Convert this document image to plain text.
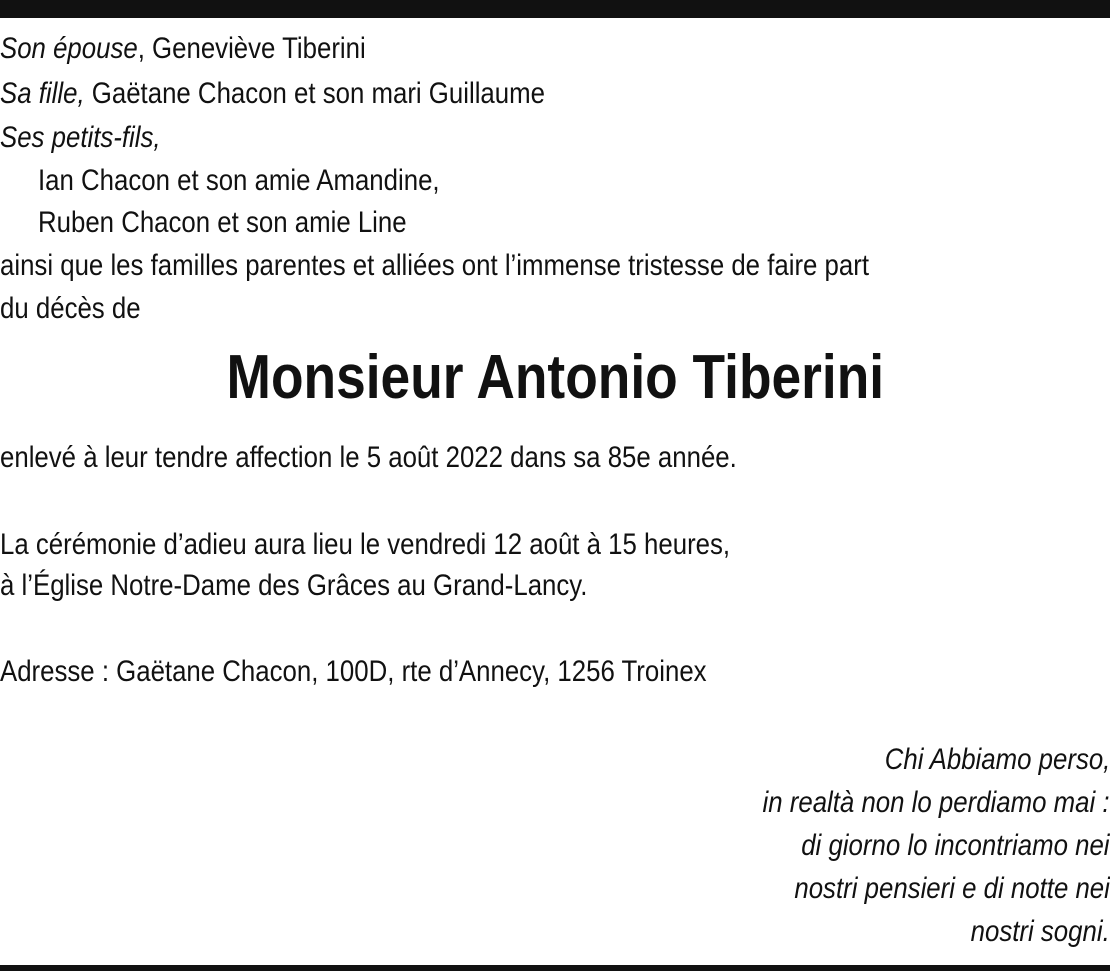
Son épouse, Geneviève Tiberini
Sa fille, Gaëtane Chacon et son mari Guillaume
Ses petits-fils,
Ian Chacon et son amie Amandine,
Ruben Chacon et son amie Line
ainsi que les familles parentes et alliées ont l’immense tristesse de faire part
du décès de
Monsieur Antonio Tiberini
enlevé à leur tendre affection le 5 août 2022 dans sa 85e année.
La cérémonie d’adieu aura lieu le vendredi 12 août à 15 heures,
à l’Église Notre-Dame des Grâces au Grand-Lancy.
Adresse : Gaëtane Chacon, 100D, rte d’Annecy, 1256 Troinex
Chi Abbiamo perso,
in realtà non lo perdiamo mai :
di giorno lo incontriamo nei
nostri pensieri e di notte nei
nostri sogni.
